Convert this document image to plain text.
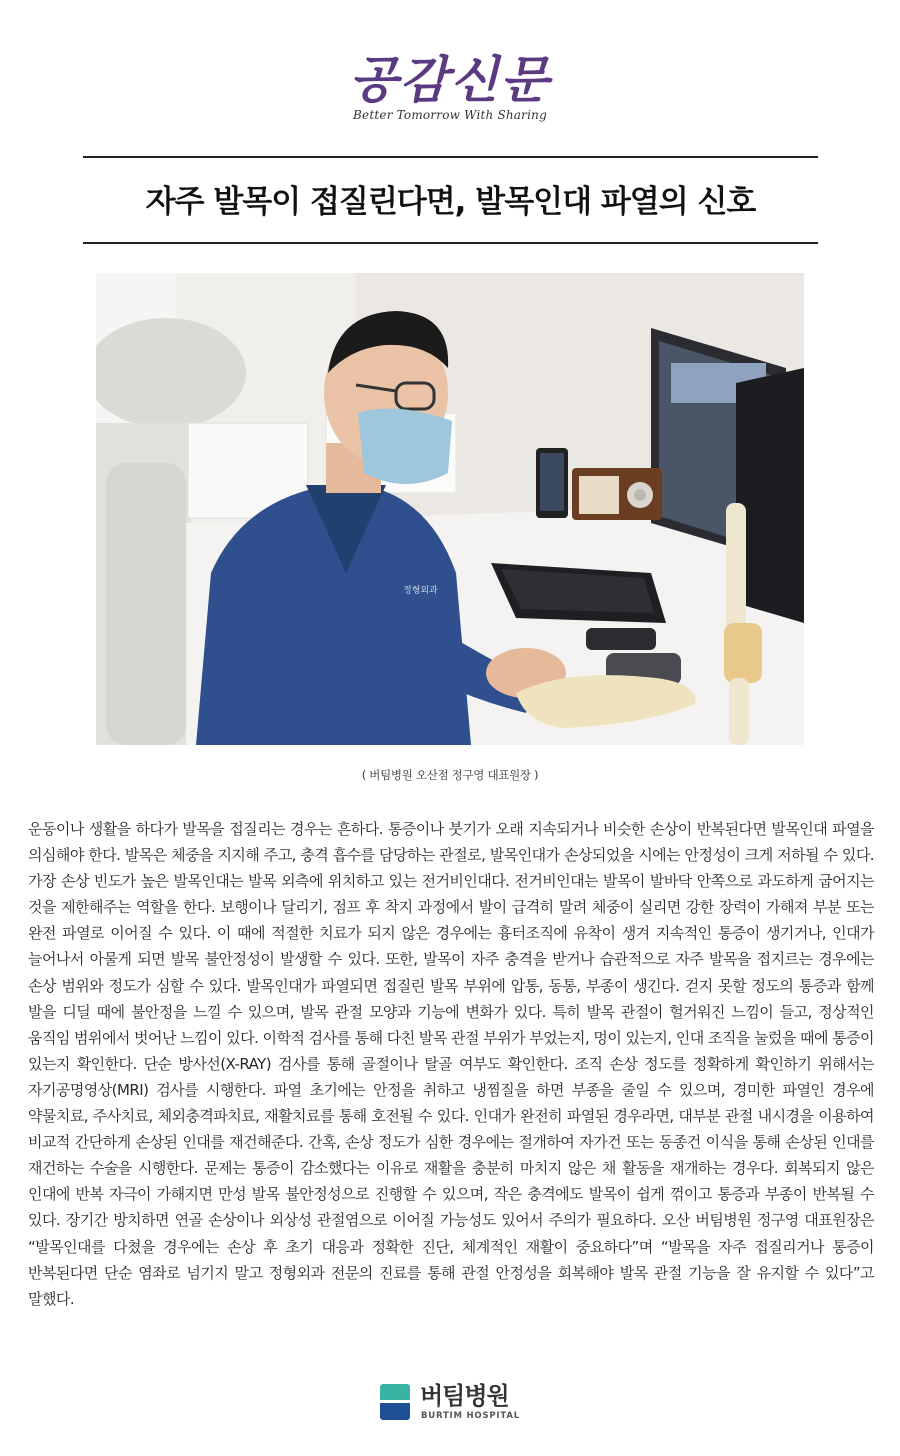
공감신문
Better Tomorrow With Sharing
자주 발목이 접질린다면, 발목인대 파열의 신호
정형외과
( 버팀병원 오산점 정구영 대표원장 )

운동이나 생활을 하다가 발목을 접질리는 경우는 흔하다. 통증이나 붓기가 오래 지속되거나 비슷한 손상이 반복된다면 발목인대 파열을 의심해야 한다. 발목은 체중을 지지해 주고, 충격 흡수를 담당하는 관절로, 발목인대가 손상되었을 시에는 안정성이 크게 저하될 수 있다. 가장 손상 빈도가 높은 발목인대는 발목 외측에 위치하고 있는 전거비인대다. 전거비인대는 발목이 발바닥 안쪽으로 과도하게 굽어지는 것을 제한해주는 역할을 한다. 보행이나 달리기, 점프 후 착지 과정에서 발이 급격히 말려 체중이 실리면 강한 장력이 가해져 부분 또는 완전 파열로 이어질 수 있다. 이 때에 적절한 치료가 되지 않은 경우에는 흉터조직에 유착이 생겨 지속적인 통증이 생기거나, 인대가 늘어나서 아물게 되면 발목 불안정성이 발생할 수 있다. 또한, 발목이 자주 충격을 받거나 습관적으로 자주 발목을 접지르는 경우에는 손상 범위와 정도가 심할 수 있다. 발목인대가 파열되면 접질린 발목 부위에 압통, 동통, 부종이 생긴다. 걷지 못할 정도의 통증과 함께 발을 디딜 때에 불안정을 느낄 수 있으며, 발목 관절 모양과 기능에 변화가 있다. 특히 발목 관절이 헐거워진 느낌이 들고, 정상적인 움직임 범위에서 벗어난 느낌이 있다. 이학적 검사를 통해 다친 발목 관절 부위가 부었는지, 멍이 있는지, 인대 조직을 눌렀을 때에 통증이 있는지 확인한다. 단순 방사선(X-RAY) 검사를 통해 골절이나 탈골 여부도 확인한다. 조직 손상 정도를 정확하게 확인하기 위해서는 자기공명영상(MRI) 검사를 시행한다. 파열 초기에는 안정을 취하고 냉찜질을 하면 부종을 줄일 수 있으며, 경미한 파열인 경우에 약물치료, 주사치료, 체외충격파치료, 재활치료를 통해 호전될 수 있다. 인대가 완전히 파열된 경우라면, 대부분 관절 내시경을 이용하여 비교적 간단하게 손상된 인대를 재건해준다. 간혹, 손상 정도가 심한 경우에는 절개하여 자가건 또는 동종건 이식을 통해 손상된 인대를 재건하는 수술을 시행한다. 문제는 통증이 감소했다는 이유로 재활을 충분히 마치지 않은 채 활동을 재개하는 경우다. 회복되지 않은 인대에 반복 자극이 가해지면 만성 발목 불안정성으로 진행할 수 있으며, 작은 충격에도 발목이 쉽게 꺾이고 통증과 부종이 반복될 수 있다. 장기간 방치하면 연골 손상이나 외상성 관절염으로 이어질 가능성도 있어서 주의가 필요하다. 오산 버팀병원 정구영 대표원장은 “발목인대를 다쳤을 경우에는 손상 후 초기 대응과 정확한 진단, 체계적인 재활이 중요하다”며 “발목을 자주 접질리거나 통증이 반복된다면 단순 염좌로 넘기지 말고 정형외과 전문의 진료를 통해 관절 안정성을 회복해야 발목 관절 기능을 잘 유지할 수 있다”고 말했다.

버팀병원
BURTIM HOSPITAL
